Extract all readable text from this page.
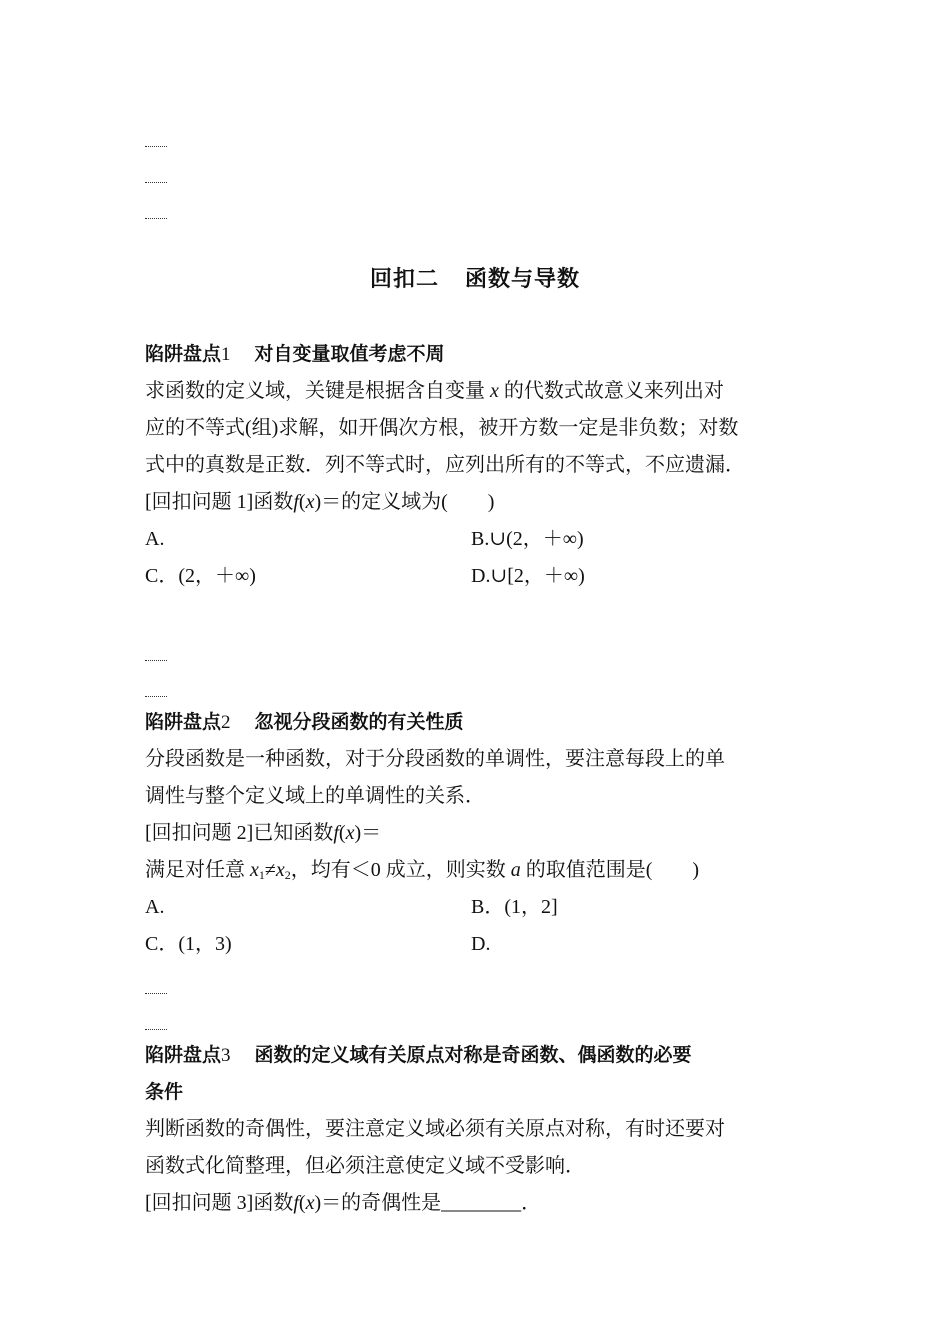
回扣二 函数与导数
陷阱盘点1 对自变量取值考虑不周
求函数的定义域，关键是根据含自变量 x 的代数式故意义来列出对
应的不等式(组)求解，如开偶次方根，被开方数一定是非负数；对数
式中的真数是正数．列不等式时，应列出所有的不等式，不应遗漏．
[回扣问题 1]函数f(x)＝的定义域为(　　)
A.	B.∪(2，＋∞)
C．(2，＋∞)	D.∪[2，＋∞)
陷阱盘点2 忽视分段函数的有关性质
分段函数是一种函数，对于分段函数的单调性，要注意每段上的单
调性与整个定义域上的单调性的关系．
[回扣问题 2]已知函数f(x)＝
满足对任意 $x_1\ne x_2$，均有＜0 成立，则实数 a 的取值范围是(　　)
A.	B．(1，2]
C．(1，3)	D.
陷阱盘点3 函数的定义域有关原点对称是奇函数、偶函数的必要
条件
判断函数的奇偶性，要注意定义域必须有关原点对称，有时还要对
函数式化简整理，但必须注意使定义域不受影响．
[回扣问题 3]函数f(x)＝的奇偶性是________．
